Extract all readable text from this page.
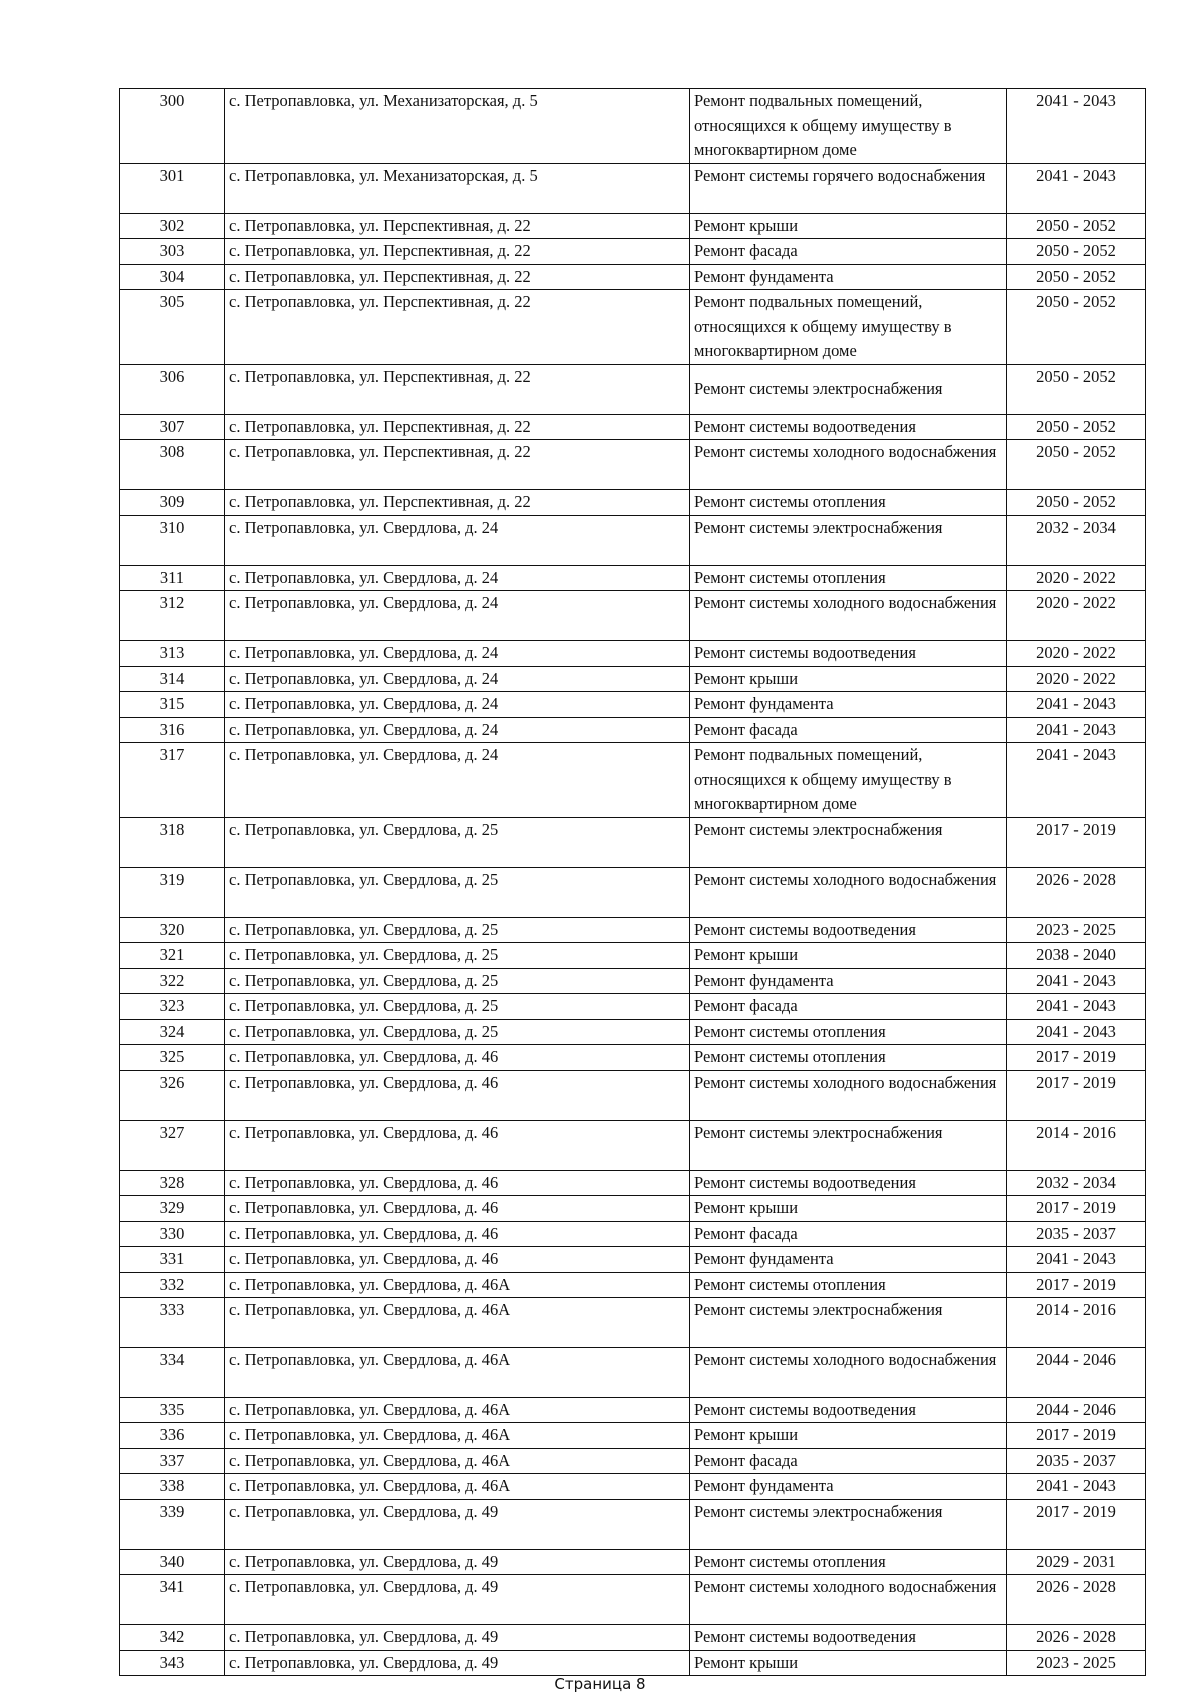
300	с. Петропавловка, ул. Механизаторская, д. 5	Ремонт подвальных помещений, относящихся к общему имуществу в многоквартирном доме	2041 - 2043
301	с. Петропавловка, ул. Механизаторская, д. 5	Ремонт системы горячего водоснабжения	2041 - 2043
302	с. Петропавловка, ул. Перспективная, д. 22	Ремонт крыши	2050 - 2052
303	с. Петропавловка, ул. Перспективная, д. 22	Ремонт фасада	2050 - 2052
304	с. Петропавловка, ул. Перспективная, д. 22	Ремонт фундамента	2050 - 2052
305	с. Петропавловка, ул. Перспективная, д. 22	Ремонт подвальных помещений, относящихся к общему имуществу в многоквартирном доме	2050 - 2052
306	с. Петропавловка, ул. Перспективная, д. 22	Ремонт системы электроснабжения	2050 - 2052
307	с. Петропавловка, ул. Перспективная, д. 22	Ремонт системы водоотведения	2050 - 2052
308	с. Петропавловка, ул. Перспективная, д. 22	Ремонт системы холодного водоснабжения	2050 - 2052
309	с. Петропавловка, ул. Перспективная, д. 22	Ремонт системы отопления	2050 - 2052
310	с. Петропавловка, ул. Свердлова, д. 24	Ремонт системы электроснабжения	2032 - 2034
311	с. Петропавловка, ул. Свердлова, д. 24	Ремонт системы отопления	2020 - 2022
312	с. Петропавловка, ул. Свердлова, д. 24	Ремонт системы холодного водоснабжения	2020 - 2022
313	с. Петропавловка, ул. Свердлова, д. 24	Ремонт системы водоотведения	2020 - 2022
314	с. Петропавловка, ул. Свердлова, д. 24	Ремонт крыши	2020 - 2022
315	с. Петропавловка, ул. Свердлова, д. 24	Ремонт фундамента	2041 - 2043
316	с. Петропавловка, ул. Свердлова, д. 24	Ремонт фасада	2041 - 2043
317	с. Петропавловка, ул. Свердлова, д. 24	Ремонт подвальных помещений, относящихся к общему имуществу в многоквартирном доме	2041 - 2043
318	с. Петропавловка, ул. Свердлова, д. 25	Ремонт системы электроснабжения	2017 - 2019
319	с. Петропавловка, ул. Свердлова, д. 25	Ремонт системы холодного водоснабжения	2026 - 2028
320	с. Петропавловка, ул. Свердлова, д. 25	Ремонт системы водоотведения	2023 - 2025
321	с. Петропавловка, ул. Свердлова, д. 25	Ремонт крыши	2038 - 2040
322	с. Петропавловка, ул. Свердлова, д. 25	Ремонт фундамента	2041 - 2043
323	с. Петропавловка, ул. Свердлова, д. 25	Ремонт фасада	2041 - 2043
324	с. Петропавловка, ул. Свердлова, д. 25	Ремонт системы отопления	2041 - 2043
325	с. Петропавловка, ул. Свердлова, д. 46	Ремонт системы отопления	2017 - 2019
326	с. Петропавловка, ул. Свердлова, д. 46	Ремонт системы холодного водоснабжения	2017 - 2019
327	с. Петропавловка, ул. Свердлова, д. 46	Ремонт системы электроснабжения	2014 - 2016
328	с. Петропавловка, ул. Свердлова, д. 46	Ремонт системы водоотведения	2032 - 2034
329	с. Петропавловка, ул. Свердлова, д. 46	Ремонт крыши	2017 - 2019
330	с. Петропавловка, ул. Свердлова, д. 46	Ремонт фасада	2035 - 2037
331	с. Петропавловка, ул. Свердлова, д. 46	Ремонт фундамента	2041 - 2043
332	с. Петропавловка, ул. Свердлова, д. 46А	Ремонт системы отопления	2017 - 2019
333	с. Петропавловка, ул. Свердлова, д. 46А	Ремонт системы электроснабжения	2014 - 2016
334	с. Петропавловка, ул. Свердлова, д. 46А	Ремонт системы холодного водоснабжения	2044 - 2046
335	с. Петропавловка, ул. Свердлова, д. 46А	Ремонт системы водоотведения	2044 - 2046
336	с. Петропавловка, ул. Свердлова, д. 46А	Ремонт крыши	2017 - 2019
337	с. Петропавловка, ул. Свердлова, д. 46А	Ремонт фасада	2035 - 2037
338	с. Петропавловка, ул. Свердлова, д. 46А	Ремонт фундамента	2041 - 2043
339	с. Петропавловка, ул. Свердлова, д. 49	Ремонт системы электроснабжения	2017 - 2019
340	с. Петропавловка, ул. Свердлова, д. 49	Ремонт системы отопления	2029 - 2031
341	с. Петропавловка, ул. Свердлова, д. 49	Ремонт системы холодного водоснабжения	2026 - 2028
342	с. Петропавловка, ул. Свердлова, д. 49	Ремонт системы водоотведения	2026 - 2028
343	с. Петропавловка, ул. Свердлова, д. 49	Ремонт крыши	2023 - 2025
Страница 8
